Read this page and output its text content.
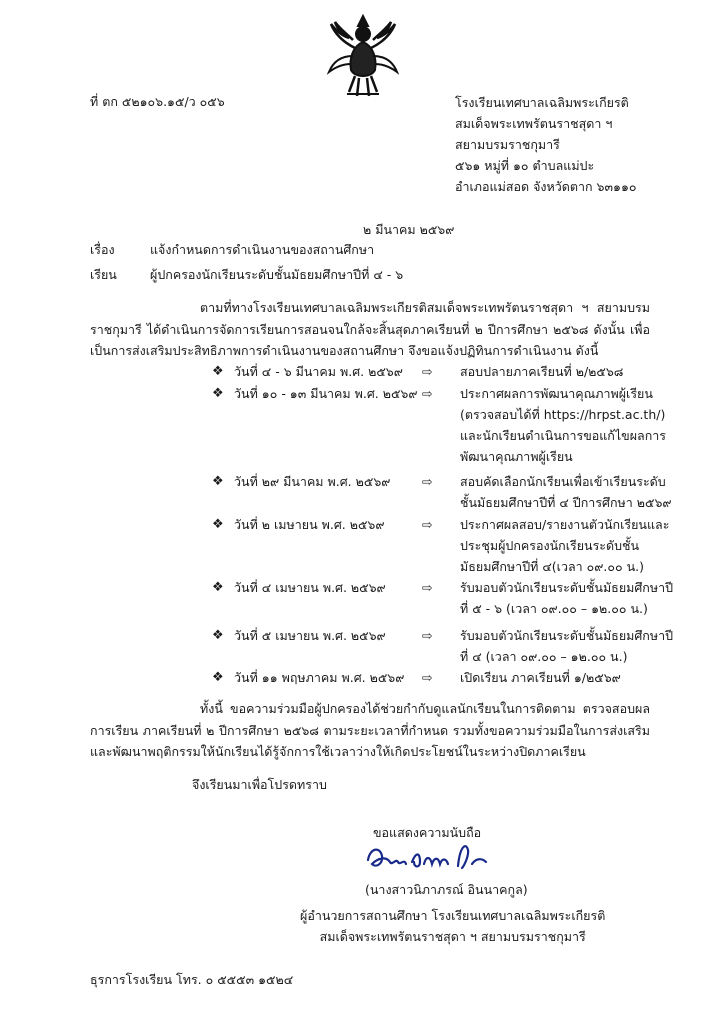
ที่ ตก ๕๒๑๐๖.๑๕/ว ๐๕๖	โรงเรียนเทศบาลเฉลิมพระเกียรติ
สมเด็จพระเทพรัตนราชสุดา ฯ
สยามบรมราชกุมารี
๕๖๑ หมู่ที่ ๑๐ ตำบลแม่ปะ
อำเภอแม่สอด จังหวัดตาก ๖๓๑๑๐
๒ มีนาคม ๒๕๖๙
เรื่อง	แจ้งกำหนดการดำเนินงานของสถานศึกษา
เรียน	ผู้ปกครองนักเรียนระดับชั้นมัธยมศึกษาปีที่ ๔ - ๖
ตามที่ทางโรงเรียนเทศบาลเฉลิมพระเกียรติสมเด็จพระเทพรัตนราชสุดา ฯ สยามบรมราชกุมารี ได้ดำเนินการจัดการเรียนการสอนจนใกล้จะสิ้นสุดภาคเรียนที่ ๒ ปีการศึกษา ๒๕๖๘ ดังนั้น เพื่อเป็นการส่งเสริมประสิทธิภาพการดำเนินงานของสถานศึกษา จึงขอแจ้งปฏิทินการดำเนินงาน ดังนี้
❖ วันที่ ๔ - ๖ มีนาคม พ.ศ. ๒๕๖๙ ⇨ สอบปลายภาคเรียนที่ ๒/๒๕๖๘
❖ วันที่ ๑๐ - ๑๓ มีนาคม พ.ศ. ๒๕๖๙ ⇨ ประกาศผลการพัฒนาคุณภาพผู้เรียน (ตรวจสอบได้ที่ https://hrpst.ac.th/) และนักเรียนดำเนินการขอแก้ไขผลการพัฒนาคุณภาพผู้เรียน
❖ วันที่ ๒๙ มีนาคม พ.ศ. ๒๕๖๙	⇨ สอบคัดเลือกนักเรียนเพื่อเข้าเรียนระดับชั้นมัธยมศึกษาปีที่ ๔ ปีการศึกษา ๒๕๖๙
❖ วันที่ ๒ เมษายน พ.ศ. ๒๕๖๙	⇨ ประกาศผลสอบ/รายงานตัวนักเรียนและประชุมผู้ปกครองนักเรียนระดับชั้นมัธยมศึกษาปีที่ ๔(เวลา ๐๙.๐๐ น.)
❖ วันที่ ๔ เมษายน พ.ศ. ๒๕๖๙	⇨ รับมอบตัวนักเรียนระดับชั้นมัธยมศึกษาปีที่ ๕ - ๖ (เวลา ๐๙.๐๐ – ๑๒.๐๐ น.)
❖ วันที่ ๕ เมษายน พ.ศ. ๒๕๖๙	⇨ รับมอบตัวนักเรียนระดับชั้นมัธยมศึกษาปีที่ ๔ (เวลา ๐๙.๐๐ – ๑๒.๐๐ น.)
❖ วันที่ ๑๑ พฤษภาคม พ.ศ. ๒๕๖๙ ⇨ เปิดเรียน ภาคเรียนที่ ๑/๒๕๖๙
ทั้งนี้ ขอความร่วมมือผู้ปกครองได้ช่วยกำกับดูแลนักเรียนในการติดตาม ตรวจสอบผลการเรียน ภาคเรียนที่ ๒ ปีการศึกษา ๒๕๖๘ ตามระยะเวลาที่กำหนด รวมทั้งขอความร่วมมือในการส่งเสริมและพัฒนาพฤติกรรมให้นักเรียนได้รู้จักการใช้เวลาว่างให้เกิดประโยชน์ในระหว่างปิดภาคเรียน
จึงเรียนมาเพื่อโปรดทราบ
ขอแสดงความนับถือ
(นางสาวนิภาภรณ์ อินนาคกูล)
ผู้อำนวยการสถานศึกษา โรงเรียนเทศบาลเฉลิมพระเกียรติ
สมเด็จพระเทพรัตนราชสุดา ฯ สยามบรมราชกุมารี
ธุรการโรงเรียน โทร. ๐ ๕๕๕๓ ๑๕๒๔
